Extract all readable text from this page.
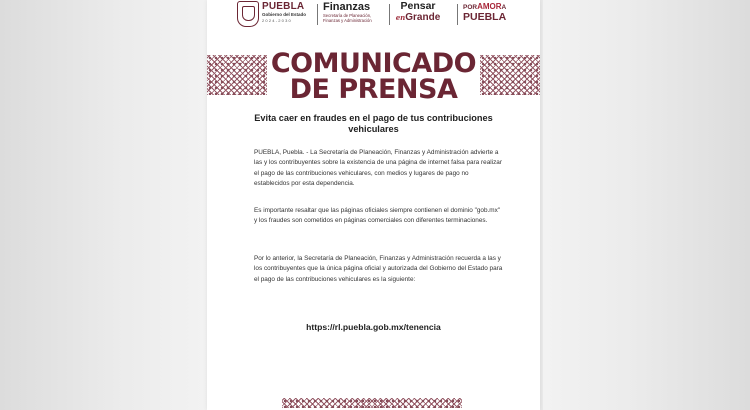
PUEBLA
Gobierno del Estado
2024-2030
Finanzas
Secretaría de Planeación, Finanzas y Administración
Pensar
enGrande
PORAMORA
PUEBLA
COMUNICADO
DE PRENSA
Evita caer en fraudes en el pago de tus contribuciones vehiculares
PUEBLA, Puebla. - La Secretaría de Planeación, Finanzas y Administración advierte a las y los contribuyentes sobre la existencia de una página de internet falsa para realizar el pago de las contribuciones vehiculares, con medios y lugares de pago no establecidos por esta dependencia.
Es importante resaltar que las páginas oficiales siempre contienen el dominio "gob.mx" y los fraudes son cometidos en páginas comerciales con diferentes terminaciones.
Por lo anterior, la Secretaría de Planeación, Finanzas y Administración recuerda a las y los contribuyentes que la única página oficial y autorizada del Gobierno del Estado para el pago de las contribuciones vehiculares es la siguiente:
https://rl.puebla.gob.mx/tenencia
